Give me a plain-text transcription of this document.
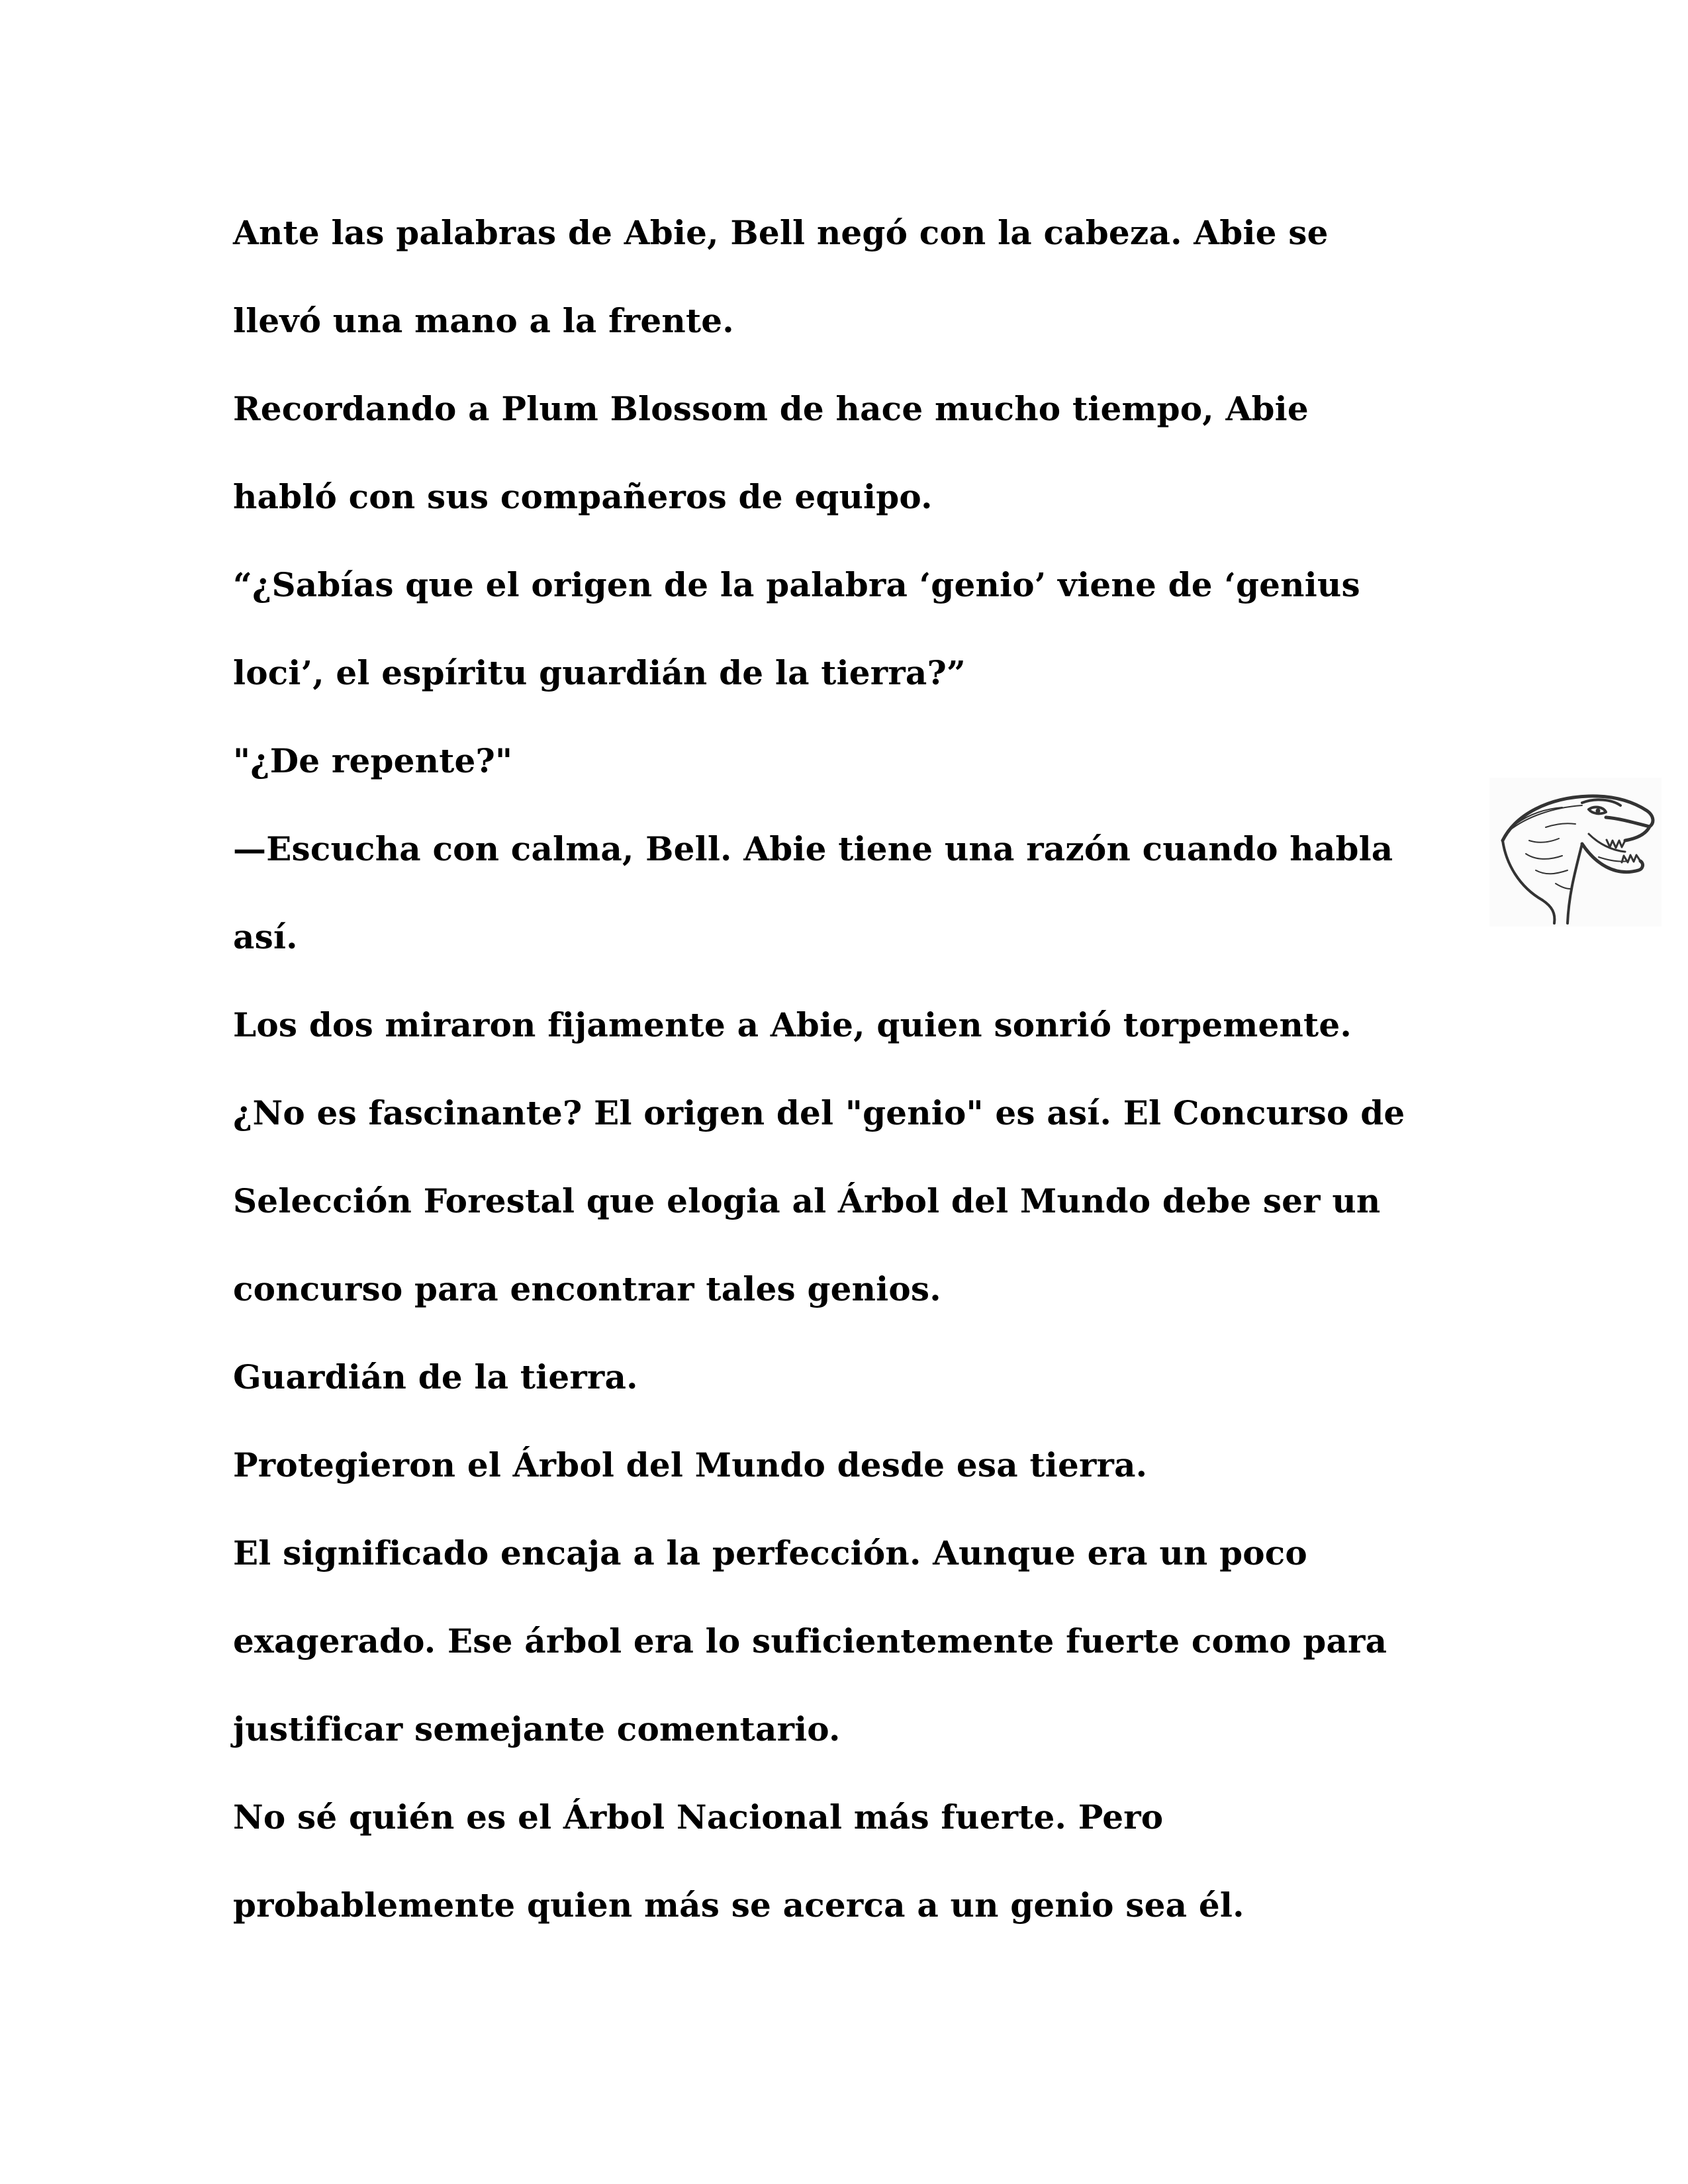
Ante las palabras de Abie, Bell negó con la cabeza. Abie se
llevó una mano a la frente.
Recordando a Plum Blossom de hace mucho tiempo, Abie
habló con sus compañeros de equipo.
“¿Sabías que el origen de la palabra ‘genio’ viene de ‘genius
loci’, el espíritu guardián de la tierra?”
"¿De repente?"
—Escucha con calma, Bell. Abie tiene una razón cuando habla
así.
Los dos miraron fijamente a Abie, quien sonrió torpemente.
¿No es fascinante? El origen del "genio" es así. El Concurso de
Selección Forestal que elogia al Árbol del Mundo debe ser un
concurso para encontrar tales genios.
Guardián de la tierra.
Protegieron el Árbol del Mundo desde esa tierra.
El significado encaja a la perfección. Aunque era un poco
exagerado. Ese árbol era lo suficientemente fuerte como para
justificar semejante comentario.
No sé quién es el Árbol Nacional más fuerte. Pero
probablemente quien más se acerca a un genio sea él.
